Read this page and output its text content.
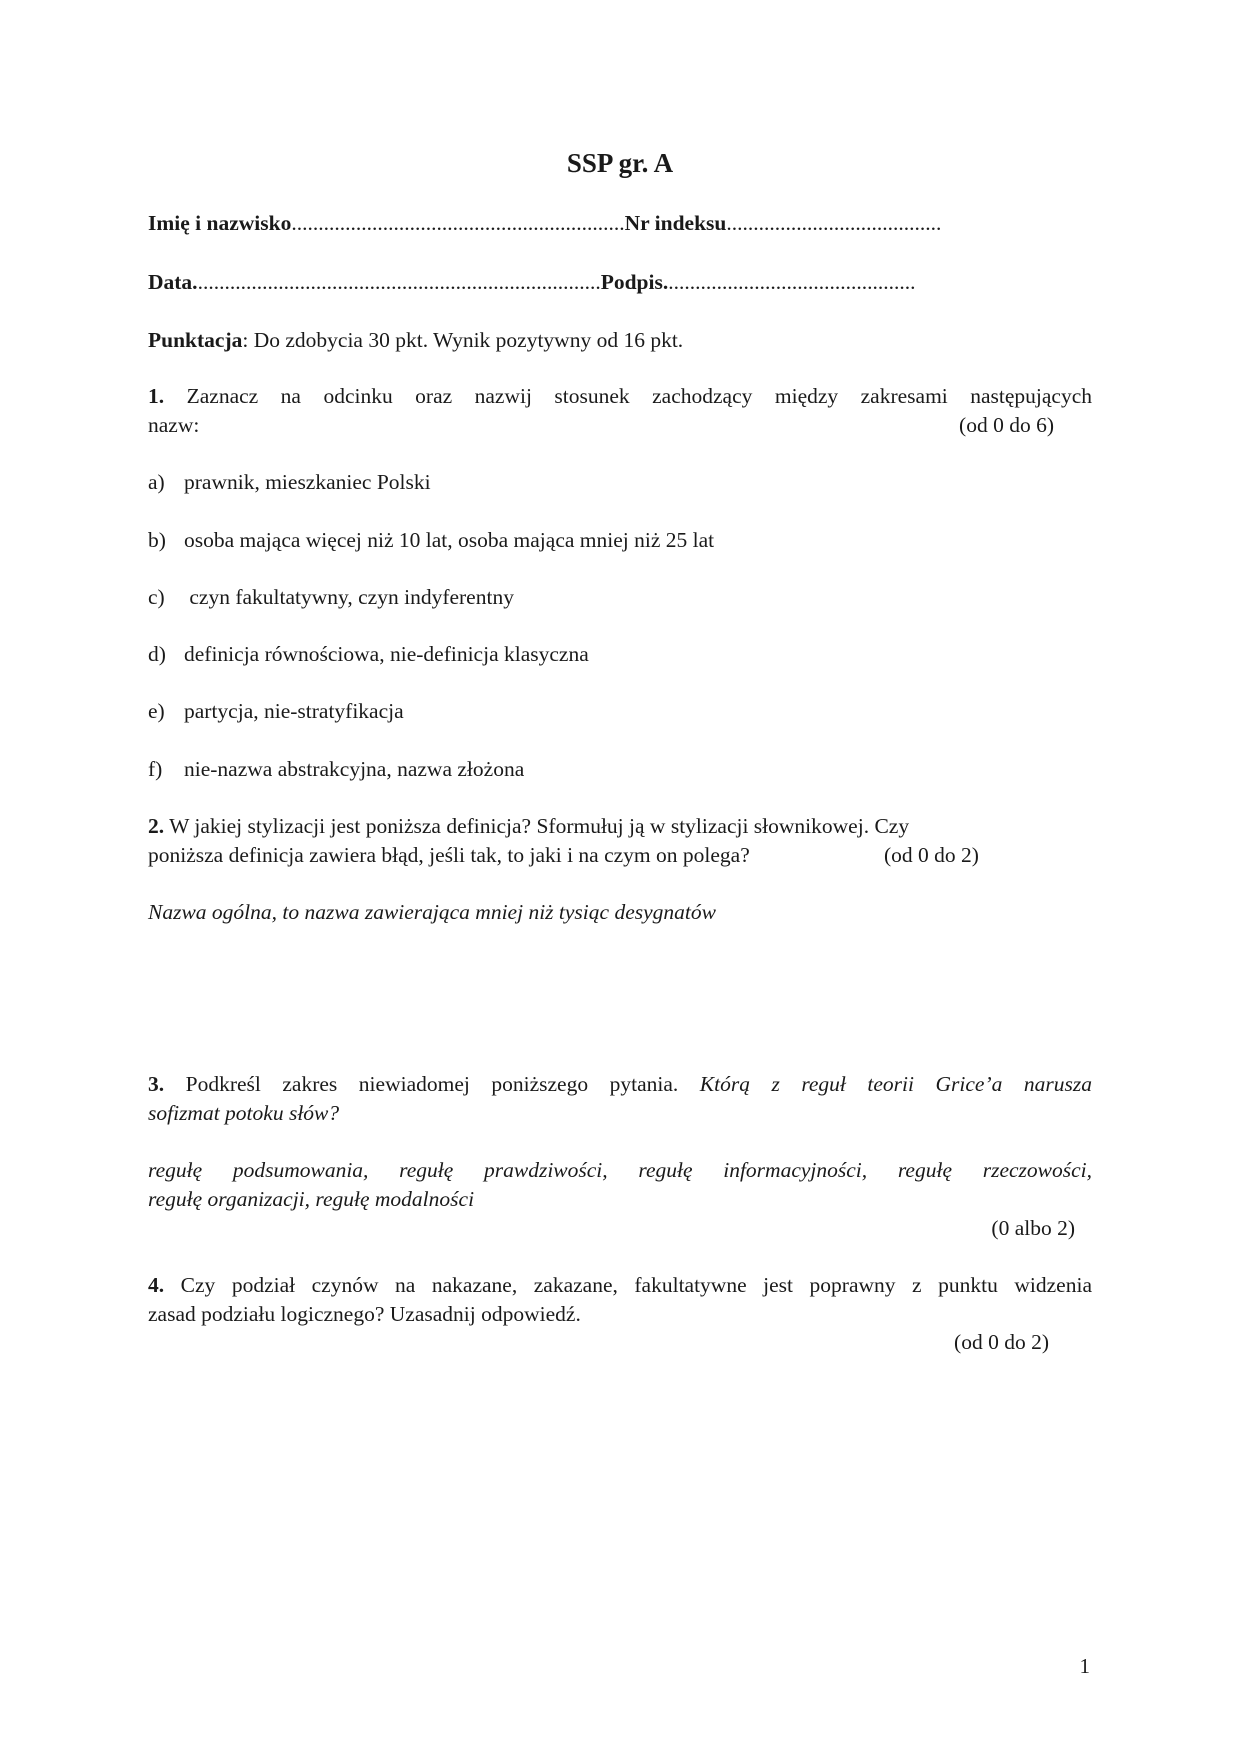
SSP gr. A

Imię i nazwisko..............................................................Nr indeksu........................................
Data............................................................................Podpis...............................................
Punktacja: Do zdobycia 30 pkt. Wynik pozytywny od 16 pkt.
1. Zaznacz na odcinku oraz nazwij stosunek zachodzący między zakresami następujących
nazw:	(od 0 do 6)
a) prawnik, mieszkaniec Polski
b) osoba mająca więcej niż 10 lat, osoba mająca mniej niż 25 lat
c) czyn fakultatywny, czyn indyferentny
d) definicja równościowa, nie-definicja klasyczna
e) partycja, nie-stratyfikacja
f) nie-nazwa abstrakcyjna, nazwa złożona
2. W jakiej stylizacji jest poniższa definicja? Sformułuj ją w stylizacji słownikowej. Czy
poniższa definicja zawiera błąd, jeśli tak, to jaki i na czym on polega?	(od 0 do 2)
Nazwa ogólna, to nazwa zawierająca mniej niż tysiąc desygnatów
3. Podkreśl zakres niewiadomej poniższego pytania. Którą z reguł teorii Grice’a narusza
sofizmat potoku słów?
regułę podsumowania, regułę prawdziwości, regułę informacyjności, regułę rzeczowości,
regułę organizacji, regułę modalności
(0 albo 2)
4. Czy podział czynów na nakazane, zakazane, fakultatywne jest poprawny z punktu widzenia
zasad podziału logicznego? Uzasadnij odpowiedź.
(od 0 do 2)
1
